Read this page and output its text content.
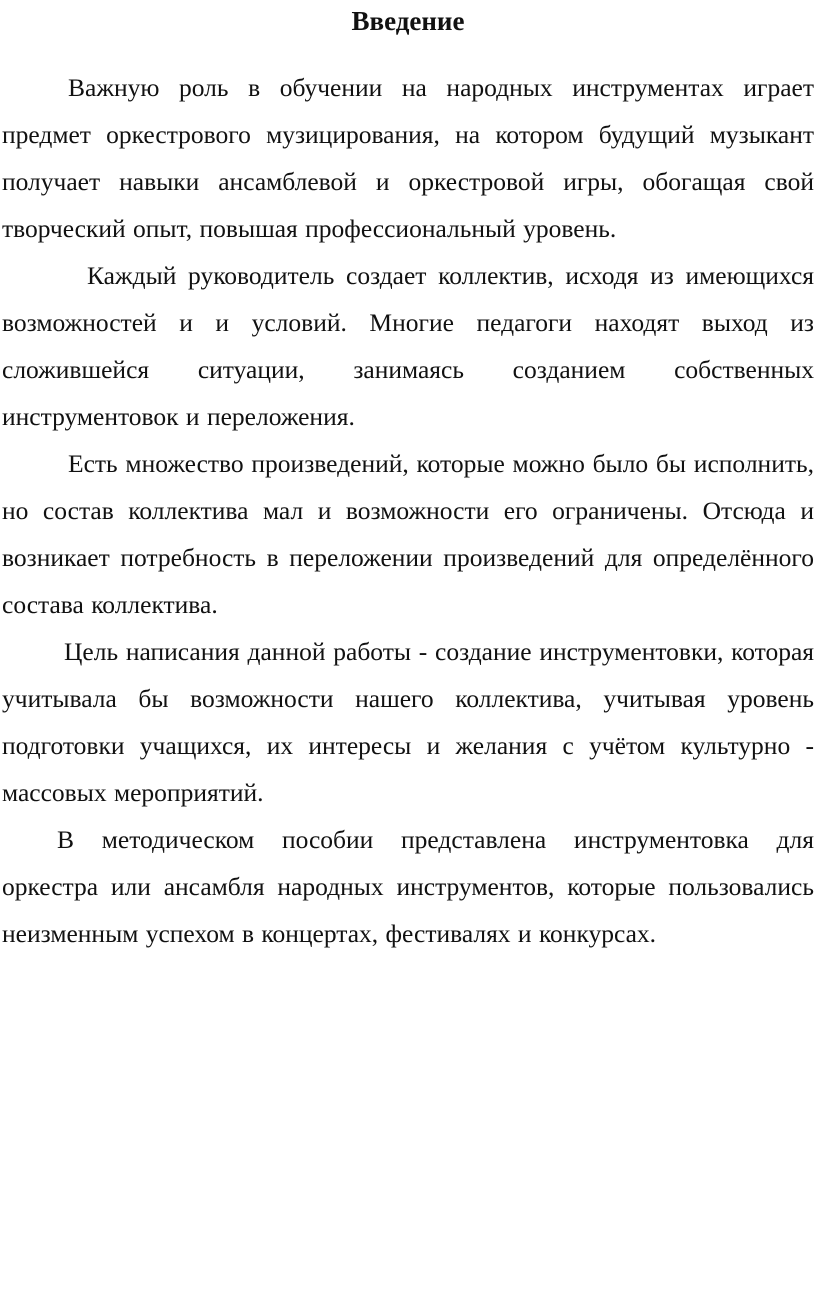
Введение

Важную роль в обучении на народных инструментах играет предмет оркестрового музицирования, на котором будущий музыкант получает навыки ансамблевой и оркестровой игры, обогащая свой творческий опыт, повышая профессиональный уровень.

Каждый руководитель создает коллектив, исходя из имеющихся возможностей и и условий. Многие педагоги находят выход из сложившейся ситуации, занимаясь созданием собственных инструментовок и переложения.

Есть множество произведений, которые можно было бы исполнить, но состав коллектива мал и возможности его ограничены. Отсюда и возникает потребность в переложении произведений для определённого состава коллектива.

Цель написания данной работы - создание инструментовки, которая учитывала бы возможности нашего коллектива, учитывая уровень подготовки учащихся, их интересы и желания с учётом культурно - массовых мероприятий.

В методическом пособии представлена инструментовка для оркестра или ансамбля народных инструментов, которые пользовались неизменным успехом в концертах, фестивалях и конкурсах.
